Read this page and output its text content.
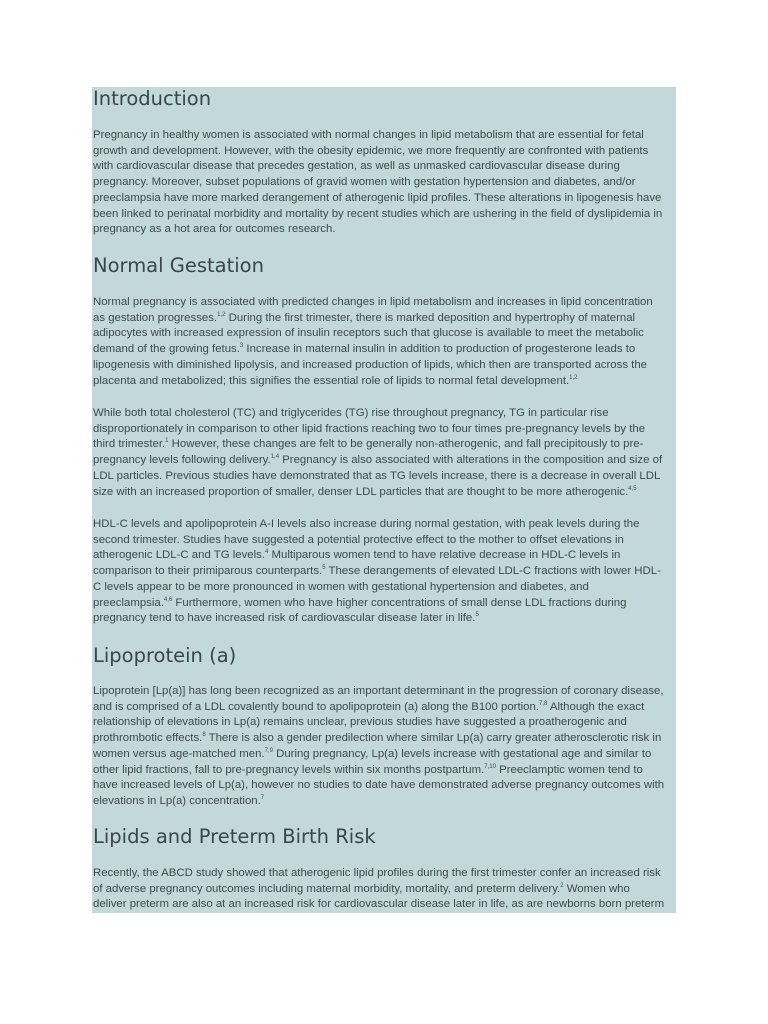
Introduction

Pregnancy in healthy women is associated with normal changes in lipid metabolism that are essential for fetal
growth and development. However, with the obesity epidemic, we more frequently are confronted with patients
with cardiovascular disease that precedes gestation, as well as unmasked cardiovascular disease during
pregnancy. Moreover, subset populations of gravid women with gestation hypertension and diabetes, and/or
preeclampsia have more marked derangement of atherogenic lipid profiles. These alterations in lipogenesis have
been linked to perinatal morbidity and mortality by recent studies which are ushering in the field of dyslipidemia in
pregnancy as a hot area for outcomes research.

Normal Gestation

Normal pregnancy is associated with predicted changes in lipid metabolism and increases in lipid concentration
as gestation progresses.$^{1,2}$ During the first trimester, there is marked deposition and hypertrophy of maternal
adipocytes with increased expression of insulin receptors such that glucose is available to meet the metabolic
demand of the growing fetus.$^3$ Increase in maternal insulin in addition to production of progesterone leads to
lipogenesis with diminished lipolysis, and increased production of lipids, which then are transported across the
placenta and metabolized; this signifies the essential role of lipids to normal fetal development.$^{1,2}$

While both total cholesterol (TC) and triglycerides (TG) rise throughout pregnancy, TG in particular rise
disproportionately in comparison to other lipid fractions reaching two to four times pre-pregnancy levels by the
third trimester.$^1$ However, these changes are felt to be generally non-atherogenic, and fall precipitously to pre-
pregnancy levels following delivery.$^{1,4}$ Pregnancy is also associated with alterations in the composition and size of
LDL particles. Previous studies have demonstrated that as TG levels increase, there is a decrease in overall LDL
size with an increased proportion of smaller, denser LDL particles that are thought to be more atherogenic.$^{4,5}$

HDL-C levels and apolipoprotein A-I levels also increase during normal gestation, with peak levels during the
second trimester. Studies have suggested a potential protective effect to the mother to offset elevations in
atherogenic LDL-C and TG levels.$^4$ Multiparous women tend to have relative decrease in HDL-C levels in
comparison to their primiparous counterparts.$^5$ These derangements of elevated LDL-C fractions with lower HDL-
C levels appear to be more pronounced in women with gestational hypertension and diabetes, and
preeclampsia.$^{4,6}$ Furthermore, women who have higher concentrations of small dense LDL fractions during
pregnancy tend to have increased risk of cardiovascular disease later in life.$^5$

Lipoprotein (a)

Lipoprotein [Lp(a)] has long been recognized as an important determinant in the progression of coronary disease,
and is comprised of a LDL covalently bound to apolipoprotein (a) along the B100 portion.$^{7,8}$ Although the exact
relationship of elevations in Lp(a) remains unclear, previous studies have suggested a proatherogenic and
prothrombotic effects.$^8$ There is also a gender predilection where similar Lp(a) carry greater atherosclerotic risk in
women versus age-matched men.$^{7,9}$ During pregnancy, Lp(a) levels increase with gestational age and similar to
other lipid fractions, fall to pre-pregnancy levels within six months postpartum.$^{7,10}$ Preeclamptic women tend to
have increased levels of Lp(a), however no studies to date have demonstrated adverse pregnancy outcomes with
elevations in Lp(a) concentration.$^7$

Lipids and Preterm Birth Risk

Recently, the ABCD study showed that atherogenic lipid profiles during the first trimester confer an increased risk
of adverse pregnancy outcomes including maternal morbidity, mortality, and preterm delivery.$^2$ Women who
deliver preterm are also at an increased risk for cardiovascular disease later in life, as are newborns born preterm
